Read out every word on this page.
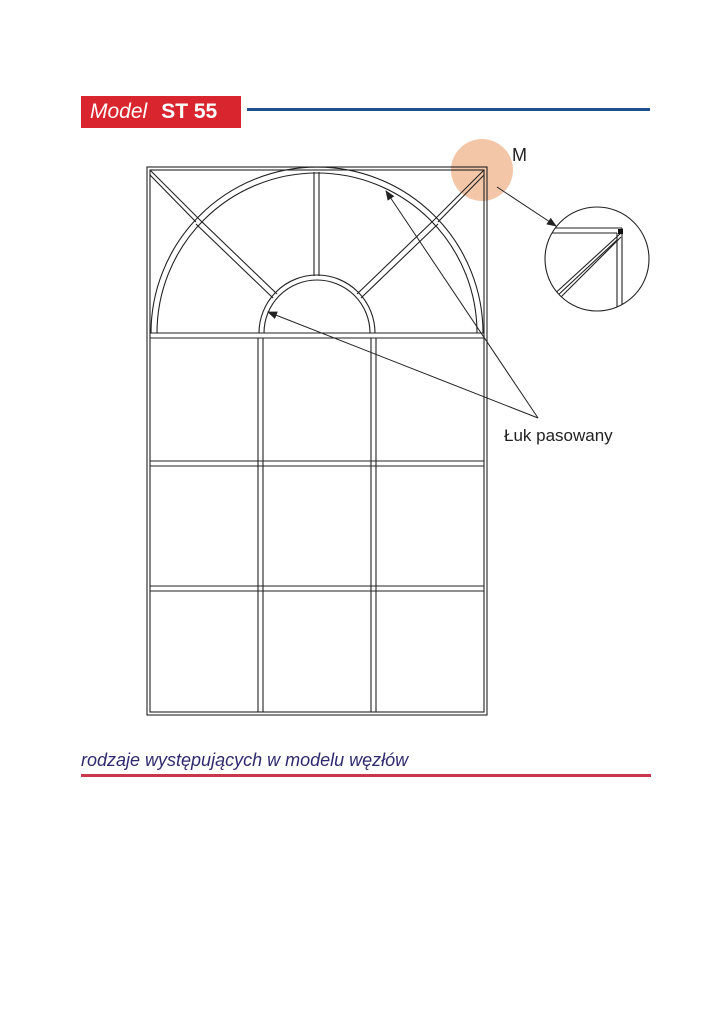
Model ST 55
M
Łuk pasowany
rodzaje występujących w modelu węzłów
